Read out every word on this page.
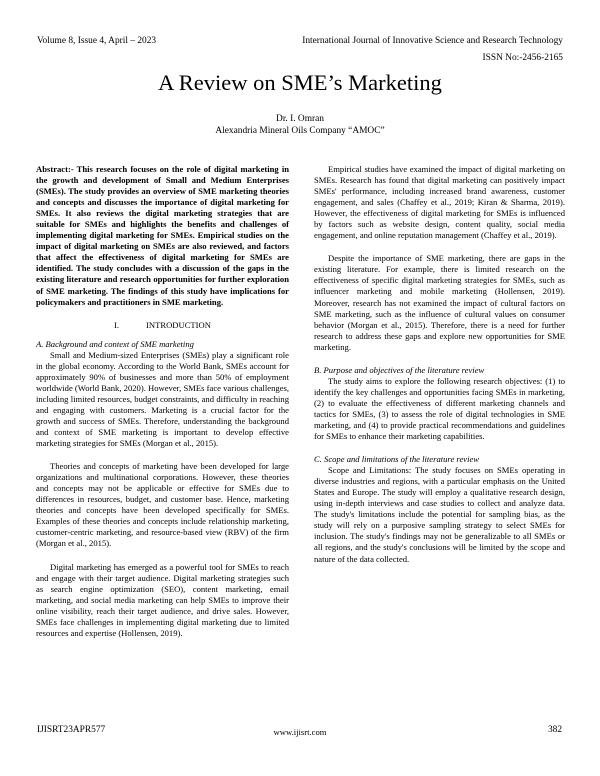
Volume 8, Issue 4, April – 2023	International Journal of Innovative Science and Research Technology
ISSN No:-2456-2165
A Review on SME’s Marketing
Dr. I. Omran
Alexandria Mineral Oils Company “AMOC”

Abstract:- This research focuses on the role of digital marketing in the growth and development of Small and Medium Enterprises (SMEs). The study provides an overview of SME marketing theories and concepts and discusses the importance of digital marketing for SMEs. It also reviews the digital marketing strategies that are suitable for SMEs and highlights the benefits and challenges of implementing digital marketing for SMEs. Empirical studies on the impact of digital marketing on SMEs are also reviewed, and factors that affect the effectiveness of digital marketing for SMEs are identified. The study concludes with a discussion of the gaps in the existing literature and research opportunities for further exploration of SME marketing. The findings of this study have implications for policymakers and practitioners in SME marketing.

I.	INTRODUCTION

A. Background and context of SME marketing

Small and Medium-sized Enterprises (SMEs) play a significant role in the global economy. According to the World Bank, SMEs account for approximately 90% of businesses and more than 50% of employment worldwide (World Bank, 2020). However, SMEs face various challenges, including limited resources, budget constraints, and difficulty in reaching and engaging with customers. Marketing is a crucial factor for the growth and success of SMEs. Therefore, understanding the background and context of SME marketing is important to develop effective marketing strategies for SMEs (Morgan et al., 2015).

Theories and concepts of marketing have been developed for large organizations and multinational corporations. However, these theories and concepts may not be applicable or effective for SMEs due to differences in resources, budget, and customer base. Hence, marketing theories and concepts have been developed specifically for SMEs. Examples of these theories and concepts include relationship marketing, customer-centric marketing, and resource-based view (RBV) of the firm (Morgan et al., 2015).

Digital marketing has emerged as a powerful tool for SMEs to reach and engage with their target audience. Digital marketing strategies such as search engine optimization (SEO), content marketing, email marketing, and social media marketing can help SMEs to improve their online visibility, reach their target audience, and drive sales. However, SMEs face challenges in implementing digital marketing due to limited resources and expertise (Hollensen, 2019).

Empirical studies have examined the impact of digital marketing on SMEs. Research has found that digital marketing can positively impact SMEs' performance, including increased brand awareness, customer engagement, and sales (Chaffey et al., 2019; Kiran & Sharma, 2019). However, the effectiveness of digital marketing for SMEs is influenced by factors such as website design, content quality, social media engagement, and online reputation management (Chaffey et al., 2019).

Despite the importance of SME marketing, there are gaps in the existing literature. For example, there is limited research on the effectiveness of specific digital marketing strategies for SMEs, such as influencer marketing and mobile marketing (Hollensen, 2019). Moreover, research has not examined the impact of cultural factors on SME marketing, such as the influence of cultural values on consumer behavior (Morgan et al., 2015). Therefore, there is a need for further research to address these gaps and explore new opportunities for SME marketing.

B. Purpose and objectives of the literature review

The study aims to explore the following research objectives: (1) to identify the key challenges and opportunities facing SMEs in marketing, (2) to evaluate the effectiveness of different marketing channels and tactics for SMEs, (3) to assess the role of digital technologies in SME marketing, and (4) to provide practical recommendations and guidelines for SMEs to enhance their marketing capabilities.

C. Scope and limitations of the literature review

Scope and Limitations: The study focuses on SMEs operating in diverse industries and regions, with a particular emphasis on the United States and Europe. The study will employ a qualitative research design, using in-depth interviews and case studies to collect and analyze data. The study's limitations include the potential for sampling bias, as the study will rely on a purposive sampling strategy to select SMEs for inclusion. The study's findings may not be generalizable to all SMEs or all regions, and the study's conclusions will be limited by the scope and nature of the data collected.

IJISRT23APR577	www.ijisrt.com	382
